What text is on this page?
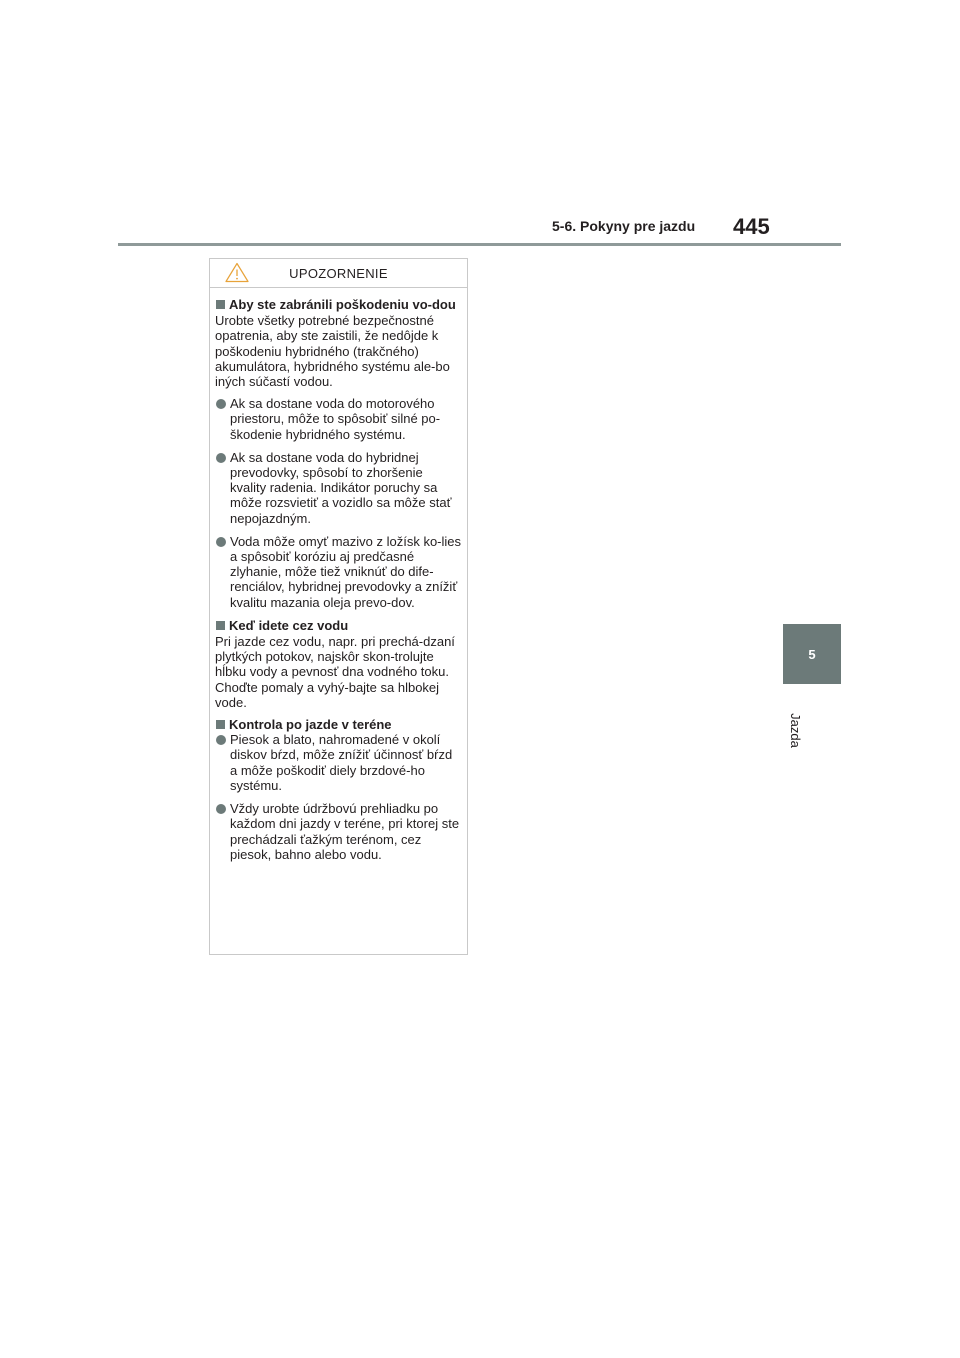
5-6. Pokyny pre jazdu 445
5
Jazda
UPOZORNENIE
Aby ste zabránili poškodeniu vo-dou
Urobte všetky potrebné bezpečnostné opatrenia, aby ste zaistili, že nedôjde k poškodeniu hybridného (trakčného) akumulátora, hybridného systému ale-bo iných súčastí vodou.
Ak sa dostane voda do motorového priestoru, môže to spôsobiť silné po-škodenie hybridného systému.
Ak sa dostane voda do hybridnej prevodovky, spôsobí to zhoršenie kvality radenia. Indikátor poruchy sa môže rozsvietiť a vozidlo sa môže stať nepojazdným.
Voda môže omyť mazivo z ložísk ko-lies a spôsobiť koróziu aj predčasné zlyhanie, môže tiež vniknúť do dife-renciálov, hybridnej prevodovky a znížiť kvalitu mazania oleja prevo-dov.
Keď idete cez vodu
Pri jazde cez vodu, napr. pri prechá-dzaní plytkých potokov, najskôr skon-trolujte hĺbku vody a pevnosť dna vodného toku. Choďte pomaly a vyhý-bajte sa hlbokej vode.
Kontrola po jazde v teréne
Piesok a blato, nahromadené v okolí diskov bŕzd, môže znížiť účinnosť bŕzd a môže poškodiť diely brzdové-ho systému.
Vždy urobte údržbovú prehliadku po každom dni jazdy v teréne, pri ktorej ste prechádzali ťažkým terénom, cez piesok, bahno alebo vodu.
